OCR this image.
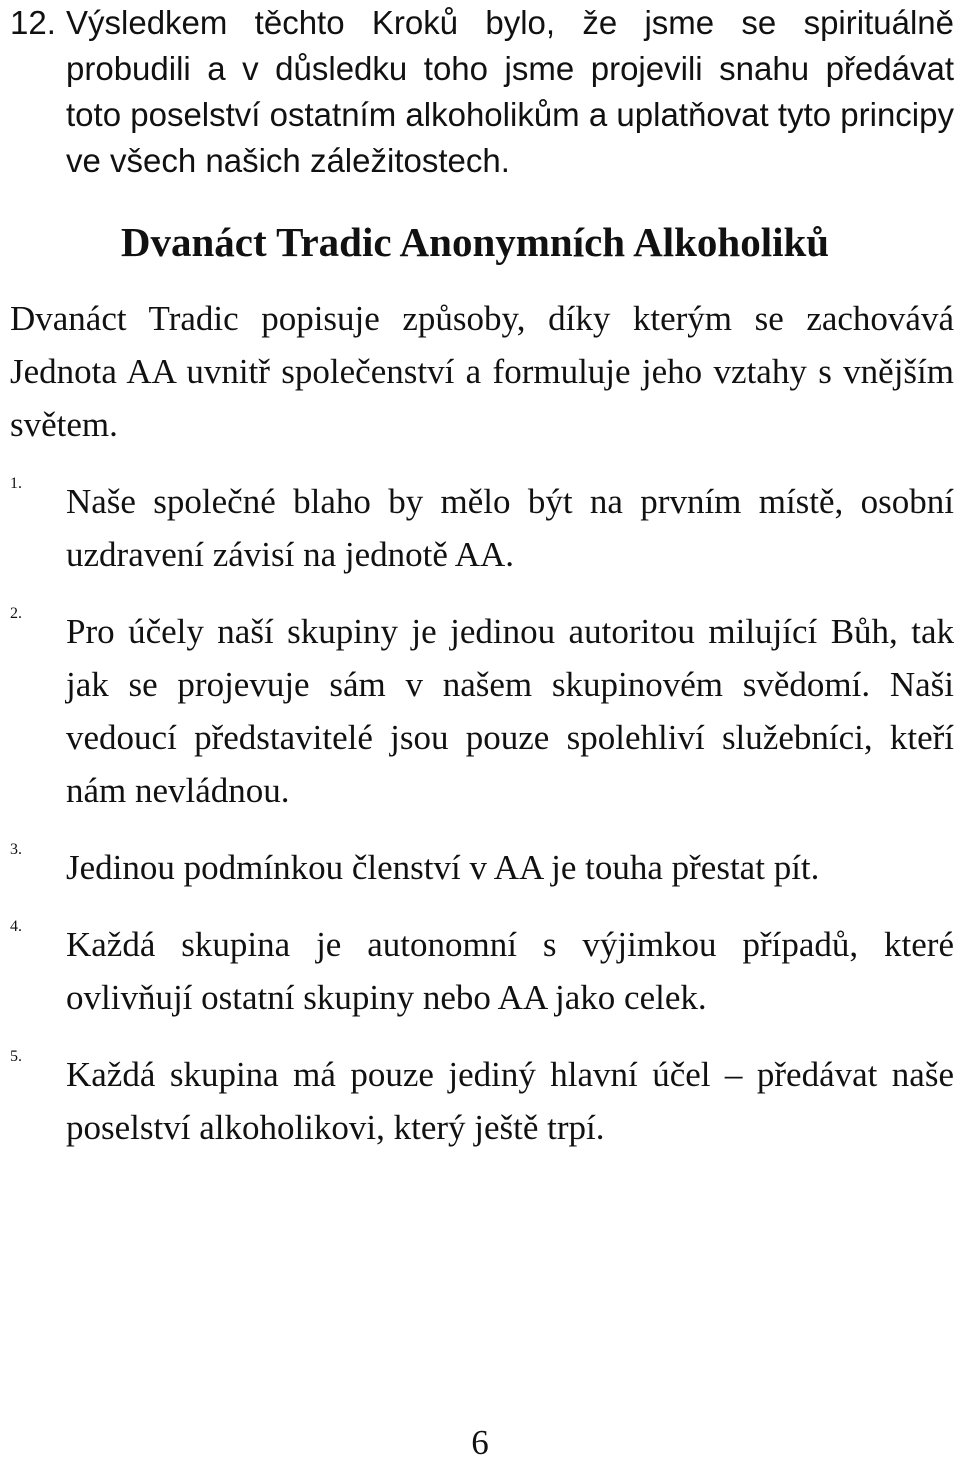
12. Výsledkem těchto Kroků bylo, že jsme se spirituálně probudili a v důsledku toho jsme projevili snahu předávat toto poselství ostatním alkoholikům a uplatňovat tyto principy ve všech našich záležitostech.
Dvanáct Tradic Anonymních Alkoholiků

Dvanáct Tradic popisuje způsoby, díky kterým se zachovává Jednota AA uvnitř společenství a formuluje jeho vztahy s vnějším světem.

1.	Naše společné blaho by mělo být na prvním místě, osobní uzdravení závisí na jednotě AA.
2.	Pro účely naší skupiny je jedinou autoritou milující Bůh, tak jak se projevuje sám v našem skupinovém svědomí. Naši vedoucí představitelé jsou pouze spolehliví služebníci, kteří nám nevládnou.
3.	Jedinou podmínkou členství v AA je touha přestat pít.
4.	Každá skupina je autonomní s výjimkou případů, které ovlivňují ostatní skupiny nebo AA jako celek.
5.	Každá skupina má pouze jediný hlavní účel – předávat naše poselství alkoholikovi, který ještě trpí.
6
